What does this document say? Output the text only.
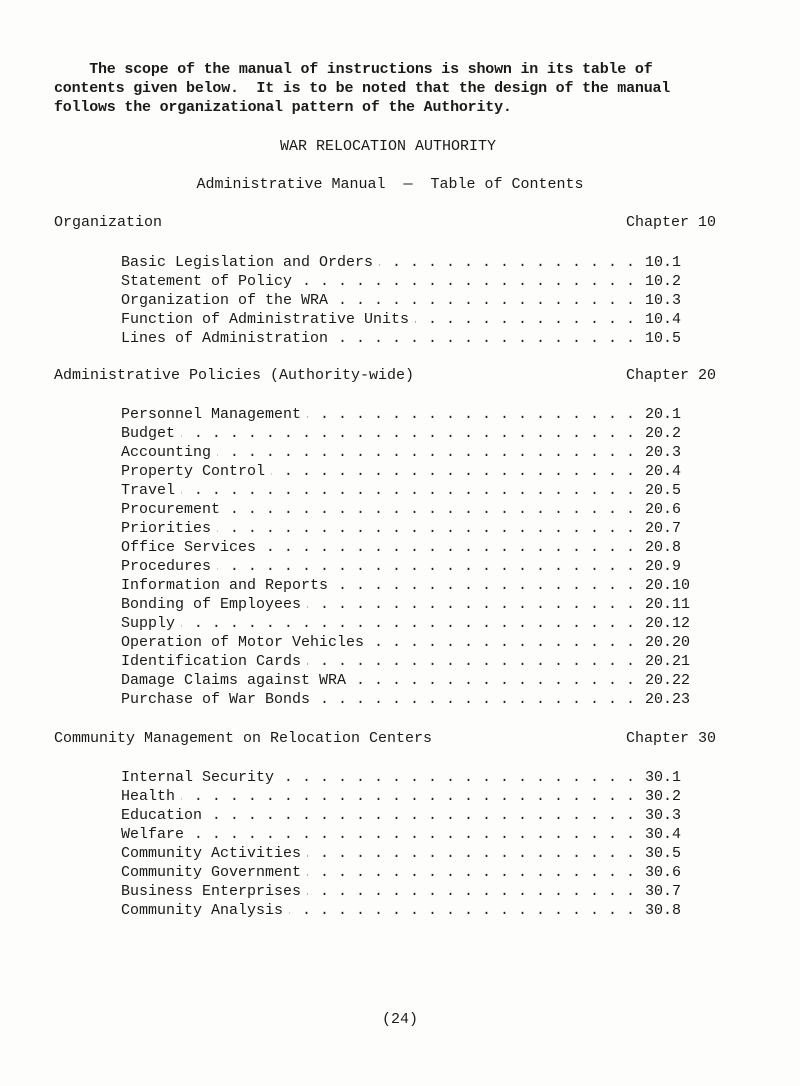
The scope of the manual of instructions is shown in its table of
contents given below.  It is to be noted that the design of the manual
follows the organizational pattern of the Authority.

WAR RELOCATION AUTHORITY

Administrative Manual  —  Table of Contents

Organization	Chapter 10
Basic Legislation and Orders . . .	10.1
Statement of Policy . . .	10.2
Organization of the WRA . . .	10.3
Function of Administrative Units . . .	10.4
Lines of Administration . . .	10.5
Administrative Policies (Authority-wide)	Chapter 20
Personnel Management . . .	20.1
Budget . . .	20.2
Accounting . . .	20.3
Property Control . . .	20.4
Travel . . .	20.5
Procurement . . .	20.6
Priorities . . .	20.7
Office Services . . .	20.8
Procedures . . .	20.9
Information and Reports . . .	20.10
Bonding of Employees . . .	20.11
Supply . . .	20.12
Operation of Motor Vehicles . . .	20.20
Identification Cards . . .	20.21
Damage Claims against WRA . . .	20.22
Purchase of War Bonds . . .	20.23
Community Management on Relocation Centers	Chapter 30
Internal Security . . .	30.1
Health . . .	30.2
Education . . .	30.3
Welfare . . .	30.4
Community Activities . . .	30.5
Community Government . . .	30.6
Business Enterprises . . .	30.7
Community Analysis . . .	30.8

(24)
